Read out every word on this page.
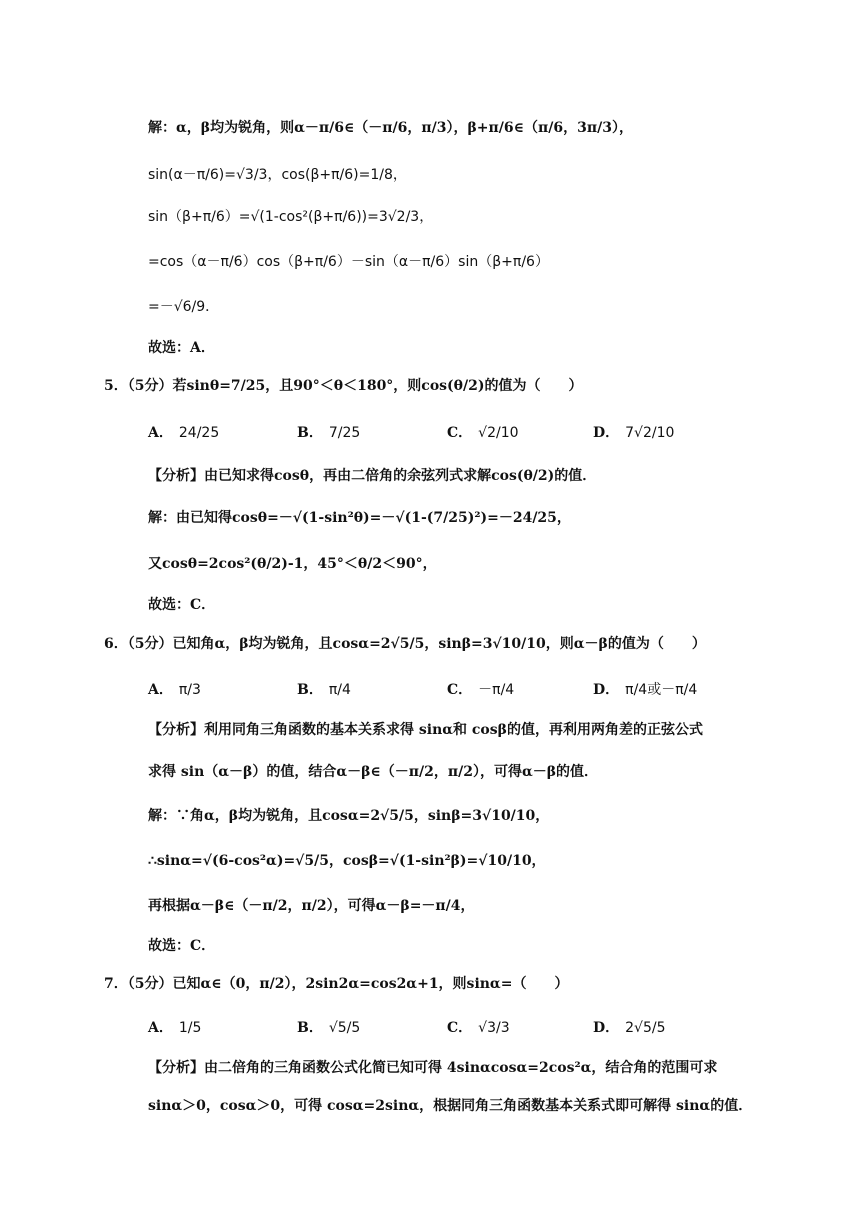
解：α，β均为锐角，则α－π/6∈（－π/6，π/3），β+π/6∈（π/6，3π/3），
sin(α－π/6)=√3/3，cos(β+π/6)=1/8，
sin（β+π/6）=√(1-cos²(β+π/6))=3√2/3，
=cos（α－π/6）cos（β+π/6）－sin（α－π/6）sin（β+π/6）
=－√6/9．
故选：A．
5．（5分）若sinθ=7/25，且90°＜θ＜180°，则cos(θ/2)的值为（　　）
A． 24/25	B． 7/25	C． √2/10	D． 7√2/10
【分析】由已知求得cosθ，再由二倍角的余弦列式求解cos(θ/2)的值．
解：由已知得cosθ=－√(1-sin²θ)=－√(1-(7/25)²)=－24/25，
又cosθ=2cos²(θ/2)-1，45°＜θ/2＜90°，
故选：C．
6．（5分）已知角α，β均为锐角，且cosα=2√5/5，sinβ=3√10/10，则α－β的值为（　　）
A． π/3	B． π/4	C． －π/4	D． π/4或－π/4
【分析】利用同角三角函数的基本关系求得 sinα和 cosβ的值，再利用两角差的正弦公式
求得 sin（α－β）的值，结合α－β∈（－π/2，π/2），可得α－β的值．
解：∵角α，β均为锐角，且cosα=2√5/5，sinβ=3√10/10，
∴sinα=√(6-cos²α)=√5/5，cosβ=√(1-sin²β)=√10/10，
再根据α－β∈（－π/2，π/2），可得α－β=－π/4，
故选：C．
7．（5分）已知α∈（0，π/2），2sin2α=cos2α+1，则sinα=（　　）
A． 1/5	B． √5/5	C． √3/3	D． 2√5/5
【分析】由二倍角的三角函数公式化简已知可得 4sinαcosα=2cos²α，结合角的范围可求
sinα＞0，cosα＞0，可得 cosα=2sinα，根据同角三角函数基本关系式即可解得 sinα的值．
